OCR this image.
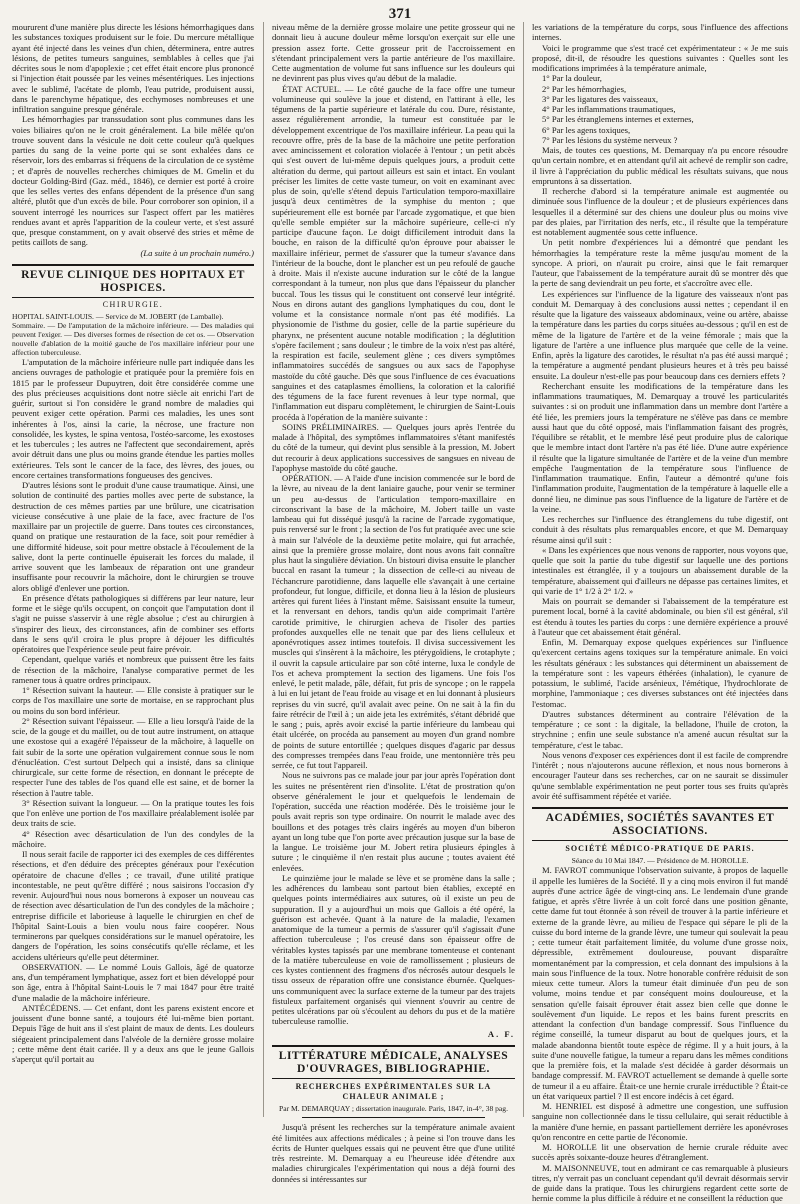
371

moururent d'une manière plus directe les lésions hémorrhagiques dans les substances toxiques produisent sur le foie. Du mercure métallique ayant été injecté dans les veines d'un chien, déterminera, entre autres lésions, de petites tumeurs sanguines, semblables à celles que j'ai décrites sous le nom d'apoplexie ; cet effet était encore plus prononcé si l'injection était poussée par les veines mésentériques. Les injections avec le sublimé, l'acétate de plomb, l'eau putride, produisent aussi, dans le parenchyme hépatique, des ecchymoses nombreuses et une infiltration sanguine presque générale.

Les hémorrhagies par transsudation sont plus communes dans les voies biliaires qu'on ne le croit généralement. La bile mêlée qu'on trouve souvent dans la vésicule ne doit cette couleur qu'à quelques parties du sang de la veine porte qui se sont exhalées dans ce réservoir, lors des embarras si fréquens de la circulation de ce système ; et d'après de nouvelles recherches chimiques de M. Gmelin et du docteur Golding-Bird (Gaz. méd., 1846), ce dernier est porté à croire que les selles vertes des enfans dépendent de la présence d'un sang altéré, plutôt que d'un excès de bile. Pour corroborer son opinion, il a souvent interrogé les nourrices sur l'aspect offert par les matières rendues avant et après l'apparition de la couleur verte, et s'est assuré que, presque constamment, on y avait observé des stries et même de petits caillots de sang.

(La suite à un prochain numéro.)

REVUE CLINIQUE DES HOPITAUX ET HOSPICES.
CHIRURGIE.

HOPITAL SAINT-LOUIS. — Service de M. JOBERT (de Lamballe).

Sommaire. — De l'amputation de la mâchoire inférieure. — Des maladies qui peuvent l'exiger. — Des diverses formes de résection de cet os. — Observation nouvelle d'ablation de la moitié gauche de l'os maxillaire inférieur pour une affection tuberculeuse.

L'amputation de la mâchoire inférieure nulle part indiquée dans les anciens ouvrages de pathologie et pratiquée pour la première fois en 1815 par le professeur Dupuytren, doit être considérée comme une des plus précieuses acquisitions dont notre siècle ait enrichi l'art de guérir, surtout si l'on considère le grand nombre de maladies qui peuvent exiger cette opération. Parmi ces maladies, les unes sont inhérentes à l'os, ainsi la carie, la nécrose, une fracture non consolidée, les kystes, le spina ventosa, l'ostéo-sarcome, les exostoses et les tubercules ; les autres ne l'affectent que secondairement, après avoir détruit dans une plus ou moins grande étendue les parties molles extérieures. Tels sont le cancer de la face, des lèvres, des joues, ou encore certaines transformations fongueuses des gencives.

D'autres lésions sont le produit d'une cause traumatique. Ainsi, une solution de continuité des parties molles avec perte de substance, la destruction de ces mêmes parties par une brûlure, une cicatrisation vicieuse consécutive à une plaie de la face, avec fracture de l'os maxillaire par un projectile de guerre. Dans toutes ces circonstances, quand on pratique une restauration de la face, soit pour remédier à une difformité hideuse, soit pour mettre obstacle à l'écoulement de la salive, dont la perte continuelle épuiserait les forces du malade, il arrive souvent que les lambeaux de réparation ont une grandeur insuffisante pour recouvrir la mâchoire, dont le chirurgien se trouve alors obligé d'enlever une portion.

En présence d'états pathologiques si différens par leur nature, leur forme et le siège qu'ils occupent, on conçoit que l'amputation dont il s'agit ne puisse s'asservir à une règle absolue ; c'est au chirurgien à s'inspirer des lieux, des circonstances, afin de combiner ses efforts dans le sens qu'il croira le plus propre à déjouer les difficultés opératoires que l'expérience seule peut faire prévoir.

Cependant, quelque variés et nombreux que puissent être les faits de résection de la mâchoire, l'analyse comparative permet de les ramener tous à quatre ordres principaux.

1° Résection suivant la hauteur. — Elle consiste à pratiquer sur le corps de l'os maxillaire une sorte de mortaise, en se rapprochant plus ou moins du son bord inférieur.

2° Résection suivant l'épaisseur. — Elle a lieu lorsqu'à l'aide de la scie, de la gouge et du maillet, ou de tout autre instrument, on attaque une exostose qui a exagéré l'épaisseur de la mâchoire, à laquelle on fait subir de la sorte une opération vulgairement connue sous le nom d'énucléation. C'est surtout Delpech qui a insisté, dans sa clinique chirurgicale, sur cette forme de résection, en donnant le précepte de respecter l'une des tables de l'os quand elle est saine, et de borner la résection à l'autre table.

3° Résection suivant la longueur. — On la pratique toutes les fois que l'on enlève une portion de l'os maxillaire préalablement isolée par deux traits de scie.

4° Résection avec désarticulation de l'un des condyles de la mâchoire.

Il nous serait facile de rapporter ici des exemples de ces différentes résections, et d'en déduire des préceptes généraux pour l'exécution opératoire de chacune d'elles ; ce travail, d'une utilité pratique incontestable, ne peut qu'être différé ; nous saisirons l'occasion d'y revenir. Aujourd'hui nous nous bornerons à exposer un nouveau cas de résection avec désarticulation de l'un des condyles de la mâchoire ; entreprise difficile et laborieuse à laquelle le chirurgien en chef de l'hôpital Saint-Louis a bien voulu nous faire coopérer. Nous terminerons par quelques considérations sur le manuel opératoire, les dangers de l'opération, les soins consécutifs qu'elle réclame, et les accidens ultérieurs qu'elle peut déterminer.

OBSERVATION. — Le nommé Louis Gallois, âgé de quatorze ans, d'un tempérament lymphatique, assez fort et bien développé pour son âge, entra à l'hôpital Saint-Louis le 7 mai 1847 pour être traité d'une maladie de la mâchoire inférieure.

ANTÉCÉDENS. — Cet enfant, dont les parens existent encore et jouissent d'une bonne santé, a toujours été lui-même bien portant. Depuis l'âge de huit ans il s'est plaint de maux de dents. Les douleurs siégeaient principalement dans l'alvéole de la dernière grosse molaire ; cette même dent était cariée. Il y a deux ans que le jeune Gallois s'aperçut qu'il portait au

niveau même de la dernière grosse molaire une petite grosseur qui ne donnait lieu à aucune douleur même lorsqu'on exerçait sur elle une pression assez forte. Cette grosseur prit de l'accroissement en s'étendant principalement vers la partie antérieure de l'os maxillaire. Cette augmentation de volume fut sans influence sur les douleurs qui ne devinrent pas plus vives qu'au début de la maladie.

ÉTAT ACTUEL. — Le côté gauche de la face offre une tumeur volumineuse qui soulève la joue et distend, en l'attirant à elle, les tégumens de la partie supérieure et latérale du cou. Dure, résistante, assez régulièrement arrondie, la tumeur est constituée par le développement excentrique de l'os maxillaire inférieur. La peau qui la recouvre offre, près de la base de la mâchoire une petite perforation avec amincissement et coloration violacée à l'entour ; un petit abcès qui s'est ouvert de lui-même depuis quelques jours, a produit cette altération du derme, qui partout ailleurs est sain et intact. En voulant préciser les limites de cette vaste tumeur, on voit en examinant avec plus de soin, qu'elle s'étend depuis l'articulation temporo-maxillaire jusqu'à deux centimètres de la symphise du menton ; que supérieurement elle est bornée par l'arcade zygomatique, et que bien qu'elle semble empiéter sur la mâchoire supérieure, celle-ci n'y participe d'aucune façon. Le doigt difficilement introduit dans la bouche, en raison de la difficulté qu'on éprouve pour abaisser le maxillaire inférieur, permet de s'assurer que la tumeur s'avance dans l'intérieur de la bouche, dont le plancher est un peu refoulé de gauche à droite. Mais il n'existe aucune induration sur le côté de la langue correspondant à la tumeur, non plus que dans l'épaisseur du plancher buccal. Tous les tissus qui le constituent ont conservé leur intégrité. Nous en dirons autant des ganglions lymphatiques du cou, dont le volume et la consistance normale n'ont pas été modifiés. La physionomie de l'isthme du gosier, celle de la partie supérieure du pharynx, ne présentent aucune notable modification ; la déglutition s'opère facilement ; sans douleur ; le timbre de la voix n'est pas altéré, la respiration est facile, seulement glène ; ces divers symptômes inflammatoires succédés de sangsues ou aux sacs de l'apophyse mastoïde du côté gauche. Dès que sous l'influence de ces évacuations sanguines et des cataplasmes émolliens, la coloration et la calorifié des tégumens de la face furent revenues à leur type normal, que l'inflammation eut disparu complètement, le chirurgien de Saint-Louis procéda à l'opération de la manière suivante :

SOINS PRÉLIMINAIRES. — Quelques jours après l'entrée du malade à l'hôpital, des symptômes inflammatoires s'étant manifestés du côté de la tumeur, qui devint plus sensible à la pression, M. Jobert dut recourir à deux applications successives de sangsues en niveau de l'apophyse mastoïde du côté gauche.

OPÉRATION. — A l'aide d'une incision commencée sur le bord de la lèvre, au niveau de la dent laniaire gauche, pour venir se terminer un peu au-dessus de l'articulation temporo-maxillaire en circonscrivant la base de la mâchoire, M. Jobert taille un vaste lambeau qui fut disséqué jusqu'à la racine de l'arcade zygomatique, puis renversé sur le front ; la section de l'os fut pratiquée avec une scie à main sur l'alvéole de la deuxième petite molaire, qui fut arrachée, ainsi que la première grosse molaire, dont nous avons fait connaître plus haut la singulière déviation. Un bistouri divisa ensuite le plancher buccal en rasant la tumeur ; la dissection de celle-ci au niveau de l'échancrure parotidienne, dans laquelle elle s'avançait à une certaine profondeur, fut longue, difficile, et donna lieu à la lésion de plusieurs artères qui furent liées à l'instant même. Saisissant ensuite la tumeur, et la renversant en dehors, tandis qu'un aide comprimait l'artère carotide primitive, le chirurgien acheva de l'isoler des parties profondes auxquelles elle ne tenait que par des liens celluleux et aponévrotiques assez intimes toutefois. Il divisa successivement les muscles qui s'insèrent à la mâchoire, les ptérygoïdiens, le crotaphyte ; il ouvrit la capsule articulaire par son côté interne, luxa le condyle de l'os et acheva promptement la section des ligamens. Une fois l'os enlevé, le petit malade, pâle, défait, fut pris de syncope ; on le rappela à lui en lui jetant de l'eau froide au visage et en lui donnant à plusieurs reprises du vin sucré, qu'il avalait avec peine. On ne sait à la fin du faire rétrécir de l'œil à ; un aide jeta les extrémités, s'étant débridé que le sang ; puis, après avoir excisé la partie inférieure du lambeau qui était ulcérée, on procéda au pansement au moyen d'un grand nombre de points de suture entortillée ; quelques disques d'agaric par dessus des compresses trempées dans l'eau froide, une mentonnière très peu serrée, ce fut tout l'appareil.

Nous ne suivrons pas ce malade jour par jour après l'opération dont les suites ne présentèrent rien d'insolite. L'état de prostration qu'on observe généralement le jour et quelquefois le lendemain de l'opération, succéda une réaction modérée. Dès le troisième jour le pouls avait repris son type ordinaire. On nourrit le malade avec des bouillons et des potages très clairs ingérés au moyen d'un biberon ayant un long tube que l'on porte avec précaution jusque sur la base de la langue. Le troisième jour M. Jobert retira plusieurs épingles à suture ; le cinquième il n'en restait plus aucune ; toutes avaient été enlevées.

Le quinzième jour le malade se lève et se promène dans la salle ; les adhérences du lambeau sont partout bien établies, excepté en quelques points intermédiaires aux sutures, où il existe un peu de suppuration. Il y a aujourd'hui un mois que Gallois a été opéré, la guérison est achevée. Quant à la nature de la maladie, l'examen anatomique de la tumeur a permis de s'assurer qu'il s'agissait d'une affection tuberculeuse ; l'os creusé dans son épaisseur offre de véritables kystes tapissés par une membrane tomenteuse et contenant de la matière tuberculeuse en voie de ramollissement ; plusieurs de ces kystes contiennent des fragmens d'os nécrosés autour desquels le tissu osseux de réparation offre une consistance éburnée. Quelques-uns communiquent avec la surface externe de la tumeur par des trajets fistuleux parfaitement organisés qui viennent s'ouvrir au centre de petites ulcérations par où s'écoulent au dehors du pus et de la matière tuberculeuse ramollie.

A. F.
LITTÉRATURE MÉDICALE, ANALYSES D'OUVRAGES, BIBLIOGRAPHIE.
RECHERCHES EXPÉRIMENTALES SUR LA CHALEUR ANIMALE ;

Par M. DEMARQUAY ; dissertation inaugurale. Paris, 1847, in-4°, 38 pag.

Jusqu'à présent les recherches sur la température animale avaient été limitées aux affections médicales ; à peine si l'on trouve dans les écrits de Hunter quelques essais qui ne peuvent être que d'une utilité très restreinte. M. Demarquay a eu l'heureuse idée d'étendre aux maladies chirurgicales l'expérimentation qui nous a déjà fourni des données si intéressantes sur

les variations de la température du corps, sous l'influence des affections internes.

Voici le programme que s'est tracé cet expérimentateur : « Je me suis proposé, dit-il, de résoudre les questions suivantes : Quelles sont les modifications imprimées à la température animale,

1° Par la douleur,

2° Par les hémorrhagies,

3° Par les ligatures des vaisseaux,

4° Par les inflammations traumatiques,

5° Par les étranglemens internes et externes,

6° Par les agens toxiques,

7° Par les lésions du système nerveux ?

Mais, de toutes ces questions, M. Demarquay n'a pu encore résoudre qu'un certain nombre, et en attendant qu'il ait achevé de remplir son cadre, il livre à l'appréciation du public médical les résultats suivans, que nous empruntons à sa dissertation.

Il recherche d'abord si la température animale est augmentée ou diminuée sous l'influence de la douleur ; et de plusieurs expériences dans lesquelles il a déterminé sur des chiens une douleur plus ou moins vive par des plaies, par l'irritation des nerfs, etc., il résulte que la température est notablement augmentée sous cette influence.

Un petit nombre d'expériences lui a démontré que pendant les hémorrhagies la température reste la même jusqu'au moment de la syncope. A priori, on n'aurait pu croire, ainsi que le fait remarquer l'auteur, que l'abaissement de la température aurait dû se montrer dès que la perte de sang deviendrait un peu forte, et s'accroître avec elle.

Les expériences sur l'influence de la ligature des vaisseaux n'ont pas conduit M. Demarquay à des conclusions aussi nettes ; cependant il en résulte que la ligature des vaisseaux abdominaux, veine ou artère, abaisse la température dans les parties du corps situées au-dessous ; qu'il en est de même de la ligature de l'artère et de la veine fémorale ; mais que la ligature de l'artère a une influence plus marquée que celle de la veine. Enfin, après la ligature des carotides, le résultat n'a pas été aussi marqué ; la température a augmenté pendant plusieurs heures et à très peu baissé ensuite. La douleur n'est-elle pas pour beaucoup dans ces derniers effets ?

Recherchant ensuite les modifications de la température dans les inflammations traumatiques, M. Demarquay a trouvé les particularités suivantes : si on produit une inflammation dans un membre dont l'artère a été liée, les premiers jours la température ne s'élève pas dans ce membre aussi haut que du côté opposé, mais l'inflammation faisant des progrès, l'équilibre se rétablit, et le membre lésé peut produire plus de calorique que le membre intact dont l'artère n'a pas été liée. D'une autre expérience il résulte que la ligature simultanée de l'artère et de la veine d'un membre empêche l'augmentation de la température sous l'influence de l'inflammation traumatique. Enfin, l'auteur a démontré qu'une fois l'inflammation produite, l'augmentation de la température à laquelle elle a donné lieu, ne diminue pas sous l'influence de la ligature de l'artère et de la veine.

Les recherches sur l'influence des étranglemens du tube digestif, ont conduit à des résultats plus remarquables encore, et que M. Demarquay résume ainsi qu'il suit :

« Dans les expériences que nous venons de rapporter, nous voyons que, quelle que soit la partie du tube digestif sur laquelle une des portions intestinales est étranglée, il y a toujours un abaissement durable de la température, abaissement qui d'ailleurs ne dépasse pas certaines limites, et qui varie de 1° 1/2 à 2° 1/2. »

Mais on pourrait se demander si l'abaissement de la température est purement local, borné à la cavité abdominale, ou bien s'il est général, s'il est étendu à toutes les parties du corps : une dernière expérience a prouvé à l'auteur que cet abaissement était général.

Enfin, M. Demarquay expose quelques expériences sur l'influence qu'exercent certains agens toxiques sur la température animale. En voici les résultats généraux : les substances qui déterminent un abaissement de la température sont : les vapeurs éthérées (inhalation), le cyanure de potassium, le sublimé, l'acide arsénieux, l'émétique, l'hydrochlorate de morphine, l'ammoniaque ; ces diverses substances ont été injectées dans l'estomac.

D'autres substances déterminent au contraire l'élévation de la température ; ce sont : la digitale, la belladone, l'huile de croton, la strychnine ; enfin une seule substance n'a amené aucun résultat sur la température, c'est le tabac.

Nous venons d'exposer ces expériences dont il est facile de comprendre l'intérêt ; nous n'ajouterons aucune réflexion, et nous nous bornerons à encourager l'auteur dans ses recherches, car on ne saurait se dissimuler qu'une semblable expérimentation ne peut porter tous ses fruits qu'après avoir été suffisamment répétée et variée.

ACADÉMIES, SOCIÉTÉS SAVANTES ET ASSOCIATIONS.
SOCIÉTÉ MÉDICO-PRATIQUE DE PARIS.

Séance du 10 Mai 1847. — Présidence de M. HOROLLE.

M. FAVROT communique l'observation suivante, à propos de laquelle il appelle les lumières de la Société. Il y a cinq mois environ il fut mandé auprès d'une actrice âgée de vingt-cinq ans. Le lendemain d'une grande fatigue, et après s'être livrée à un coït forcé dans une position gênante, cette dame fut tout étonnée à son réveil de trouver à la partie inférieure et externe de la grande lèvre, au milieu de l'espace qui sépare le pli de la cuisse du bord interne de la grande lèvre, une tumeur qui soulevait la peau ; cette tumeur était parfaitement limitée, du volume d'une grosse noix, dépressible, extrêmement douloureuse, pouvant disparaître momentanément par la compression, et cela donnant des impulsions à la main sous l'influence de la toux. Notre honorable confrère réduisit de son mieux cette tumeur. Alors la tumeur était diminuée d'un peu de son volume, moins tendue et par conséquent moins douloureuse, et la sensation qu'elle faisait éprouver était assez bien celle que donne le soulèvement d'un liquide. Le repos et les bains furent prescrits en attendant la confection d'un bandage compressif. Sous l'influence du régime conseillé, la tumeur disparut au bout de quelques jours, et la malade abandonna bientôt toute espèce de régime. Il y a huit jours, à la suite d'une nouvelle fatigue, la tumeur a reparu dans les mêmes conditions que la première fois, et la malade s'est décidée à garder désormais un bandage compressif. M. FAVROT actuellement se demande à quelle sorte de tumeur il a eu affaire. Était-ce une hernie crurale irréductible ? Était-ce un état variqueux partiel ? Il est encore indécis à cet égard.

M. HENRIEL est disposé à admettre une congestion, une suffusion sanguine non collectionnée dans le tissu cellulaire, qui serait réductible à la manière d'une hernie, en passant partiellement derrière les aponévroses qu'on rencontre en cette partie de l'économie.

M. HOROLLE lit une observation de hernie crurale réduite avec succès après soixante-douze heures d'étranglement.

M. MAISONNEUVE, tout en admirant ce cas remarquable à plusieurs titres, n'y verrait pas un concluant cependant qu'il devrait désormais servir de guide dans la pratique. Tous les chirurgiens regardent cette sorte de hernie comme la plus difficile à réduire et ne conseillent la réduction que
